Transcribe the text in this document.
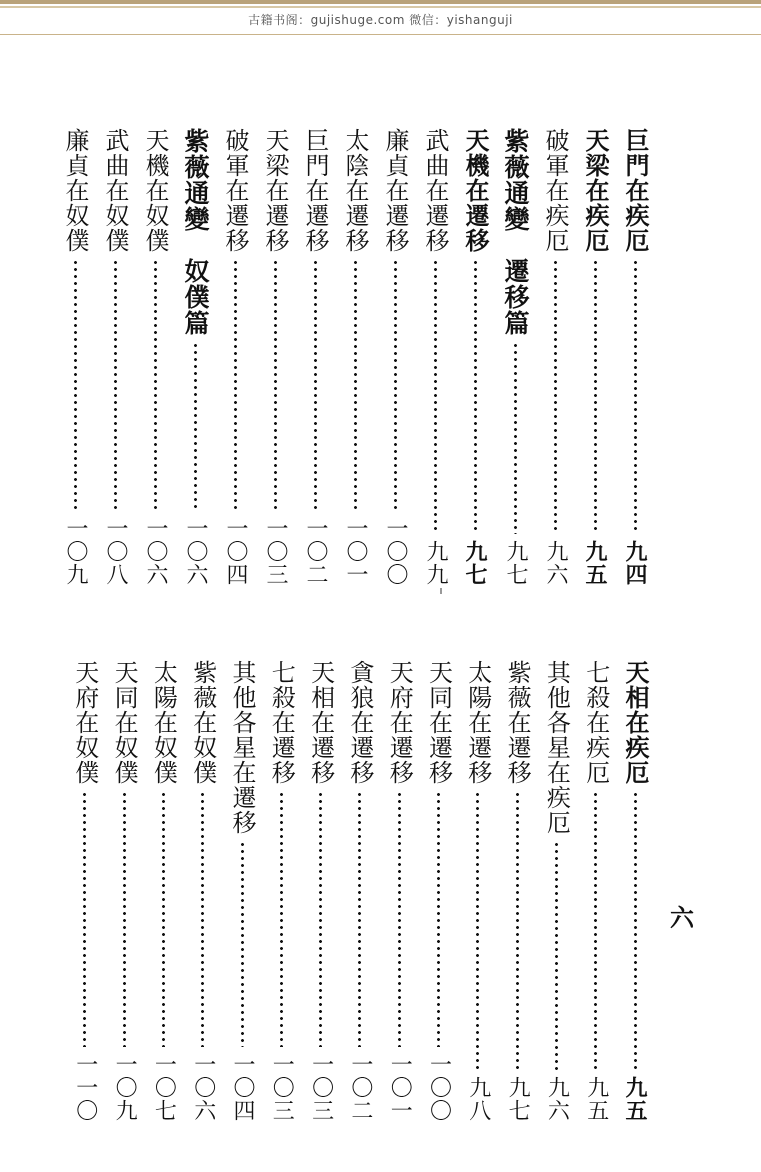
古籍书阁：gujishuge.com 微信：yishanguji
巨門在疾厄
九四
天梁在疾厄
九五
破軍在疾厄
九六
紫薇通變　遷移篇
九七
天機在遷移
九七
武曲在遷移
九九
廉貞在遷移
一〇〇
太陰在遷移
一〇一
巨門在遷移
一〇二
天梁在遷移
一〇三
破軍在遷移
一〇四
紫薇通變　奴僕篇
一〇六
天機在奴僕
一〇六
武曲在奴僕
一〇八
廉貞在奴僕
一〇九
天相在疾厄
九五
七殺在疾厄
九五
其他各星在疾厄
九六
紫薇在遷移
九七
太陽在遷移
九八
天同在遷移
一〇〇
天府在遷移
一〇一
貪狼在遷移
一〇二
天相在遷移
一〇三
七殺在遷移
一〇三
其他各星在遷移
一〇四
紫薇在奴僕
一〇六
太陽在奴僕
一〇七
天同在奴僕
一〇九
天府在奴僕
一一〇
六
